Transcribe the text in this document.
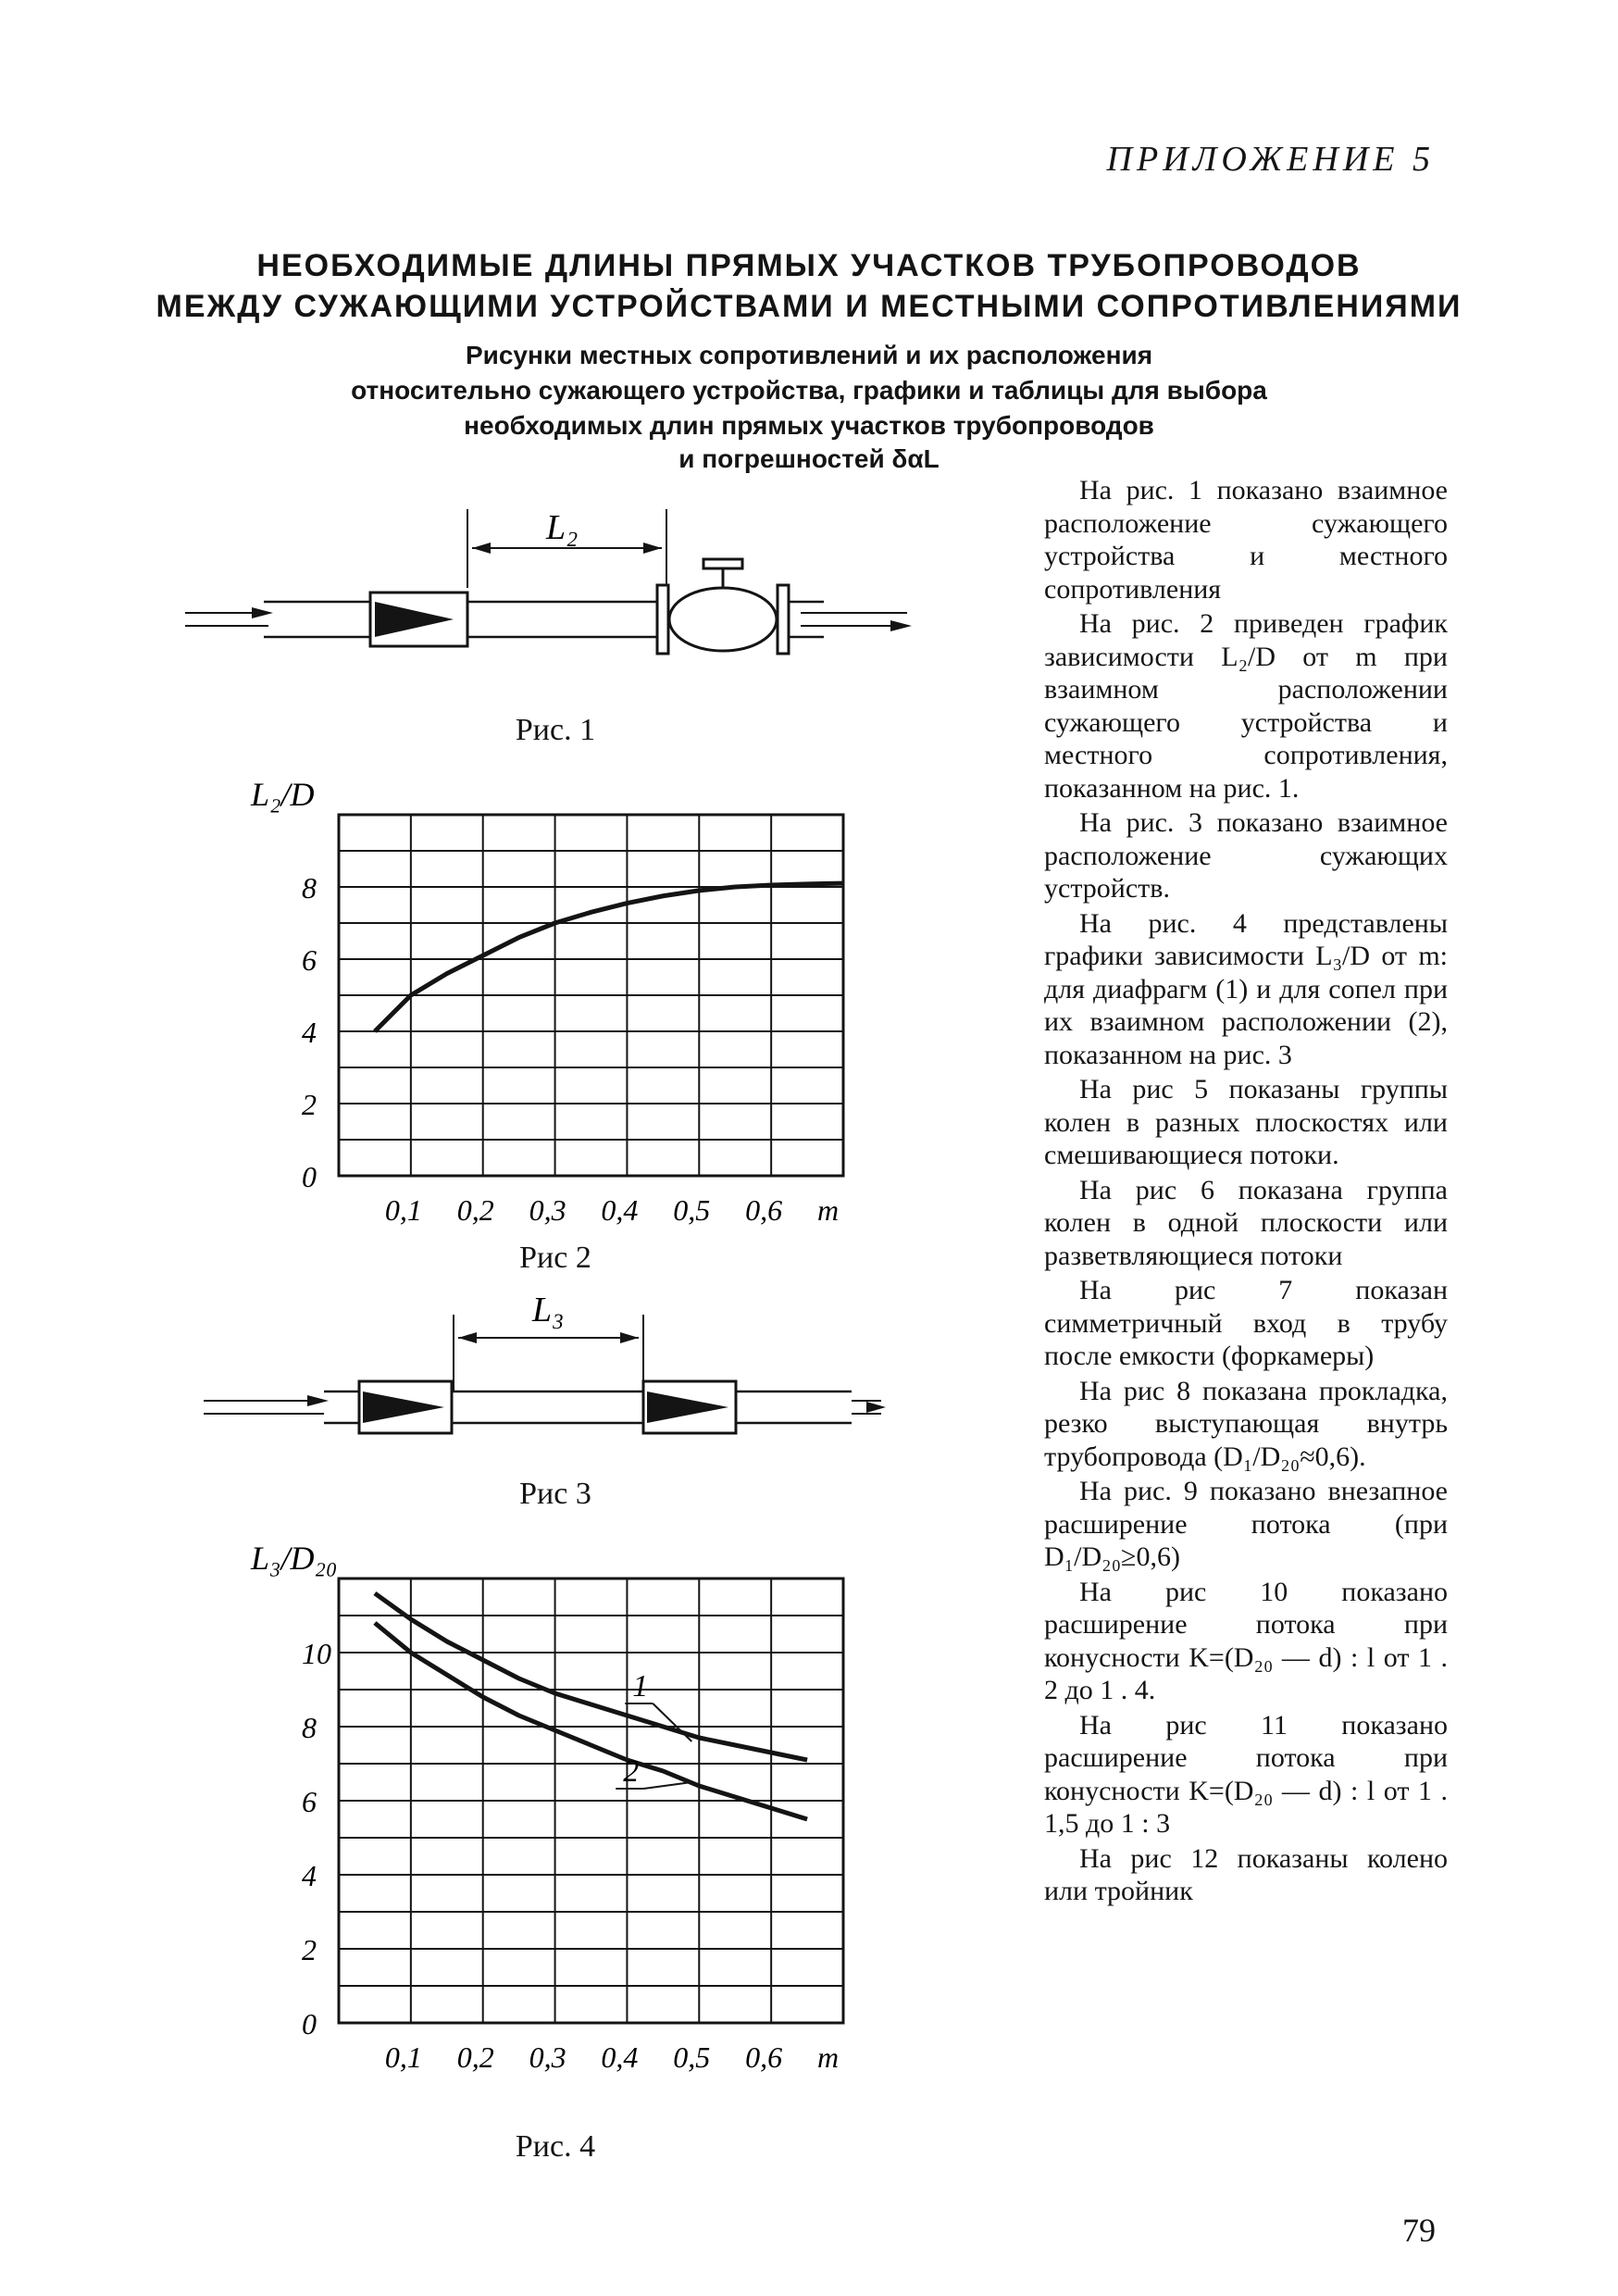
ПРИЛОЖЕНИЕ 5
НЕОБХОДИМЫЕ ДЛИНЫ ПРЯМЫХ УЧАСТКОВ ТРУБОПРОВОДОВ
МЕЖДУ СУЖАЮЩИМИ УСТРОЙСТВАМИ И МЕСТНЫМИ СОПРОТИВЛЕНИЯМИ
Рисунки местных сопротивлений и их расположения
относительно сужающего устройства, графики и таблицы для выбора
необходимых длин прямых участков трубопроводов
и погрешностей δαL

На рис. 1 показано взаимное расположение сужающего устройства и местного сопротивления

На рис. 2 приведен график зависимости L₂/D от m при взаимном расположении сужающего устройства и местного сопротивления, показанном на рис. 1.

На рис. 3 показано взаимное расположение сужающих устройств.

На рис. 4 представлены графики зависимости L₃/D от m: для диафрагм (1) и для сопел при их взаимном расположении (2), показанном на рис. 3

На рис 5 показаны группы колен в разных плоскостях или смешивающиеся потоки.

На рис 6 показана группа колен в одной плоскости или разветвляющиеся потоки

На рис 7 показан симметричный вход в трубу после емкости (форкамеры)

На рис 8 показана прокладка, резко выступающая внутрь трубопровода (D₁/D₂₀≈0,6).

На рис. 9 показано внезапное расширение потока (при D₁/D₂₀≥0,6)

На рис 10 показано расширение потока при конусности K=(D₂₀ — d) : l от 1 . 2 до 1 . 4.

На рис 11 показано расширение потока при конусности K=(D₂₀ — d) : l от 1 . 1,5 до 1 : 3

На рис 12 показаны колено или тройник

L₂
Рис. 1
0
2
4
6
8
0,1 0,2 0,3 0,4 0,5 0,6 m
L₂/D
Рис 2
L₃
Рис 3
0
2
4
6
8
10
0,1 0,2 0,3 0,4 0,5 0,6 m
L₃/D₂₀
1
2
Рис. 4
79
